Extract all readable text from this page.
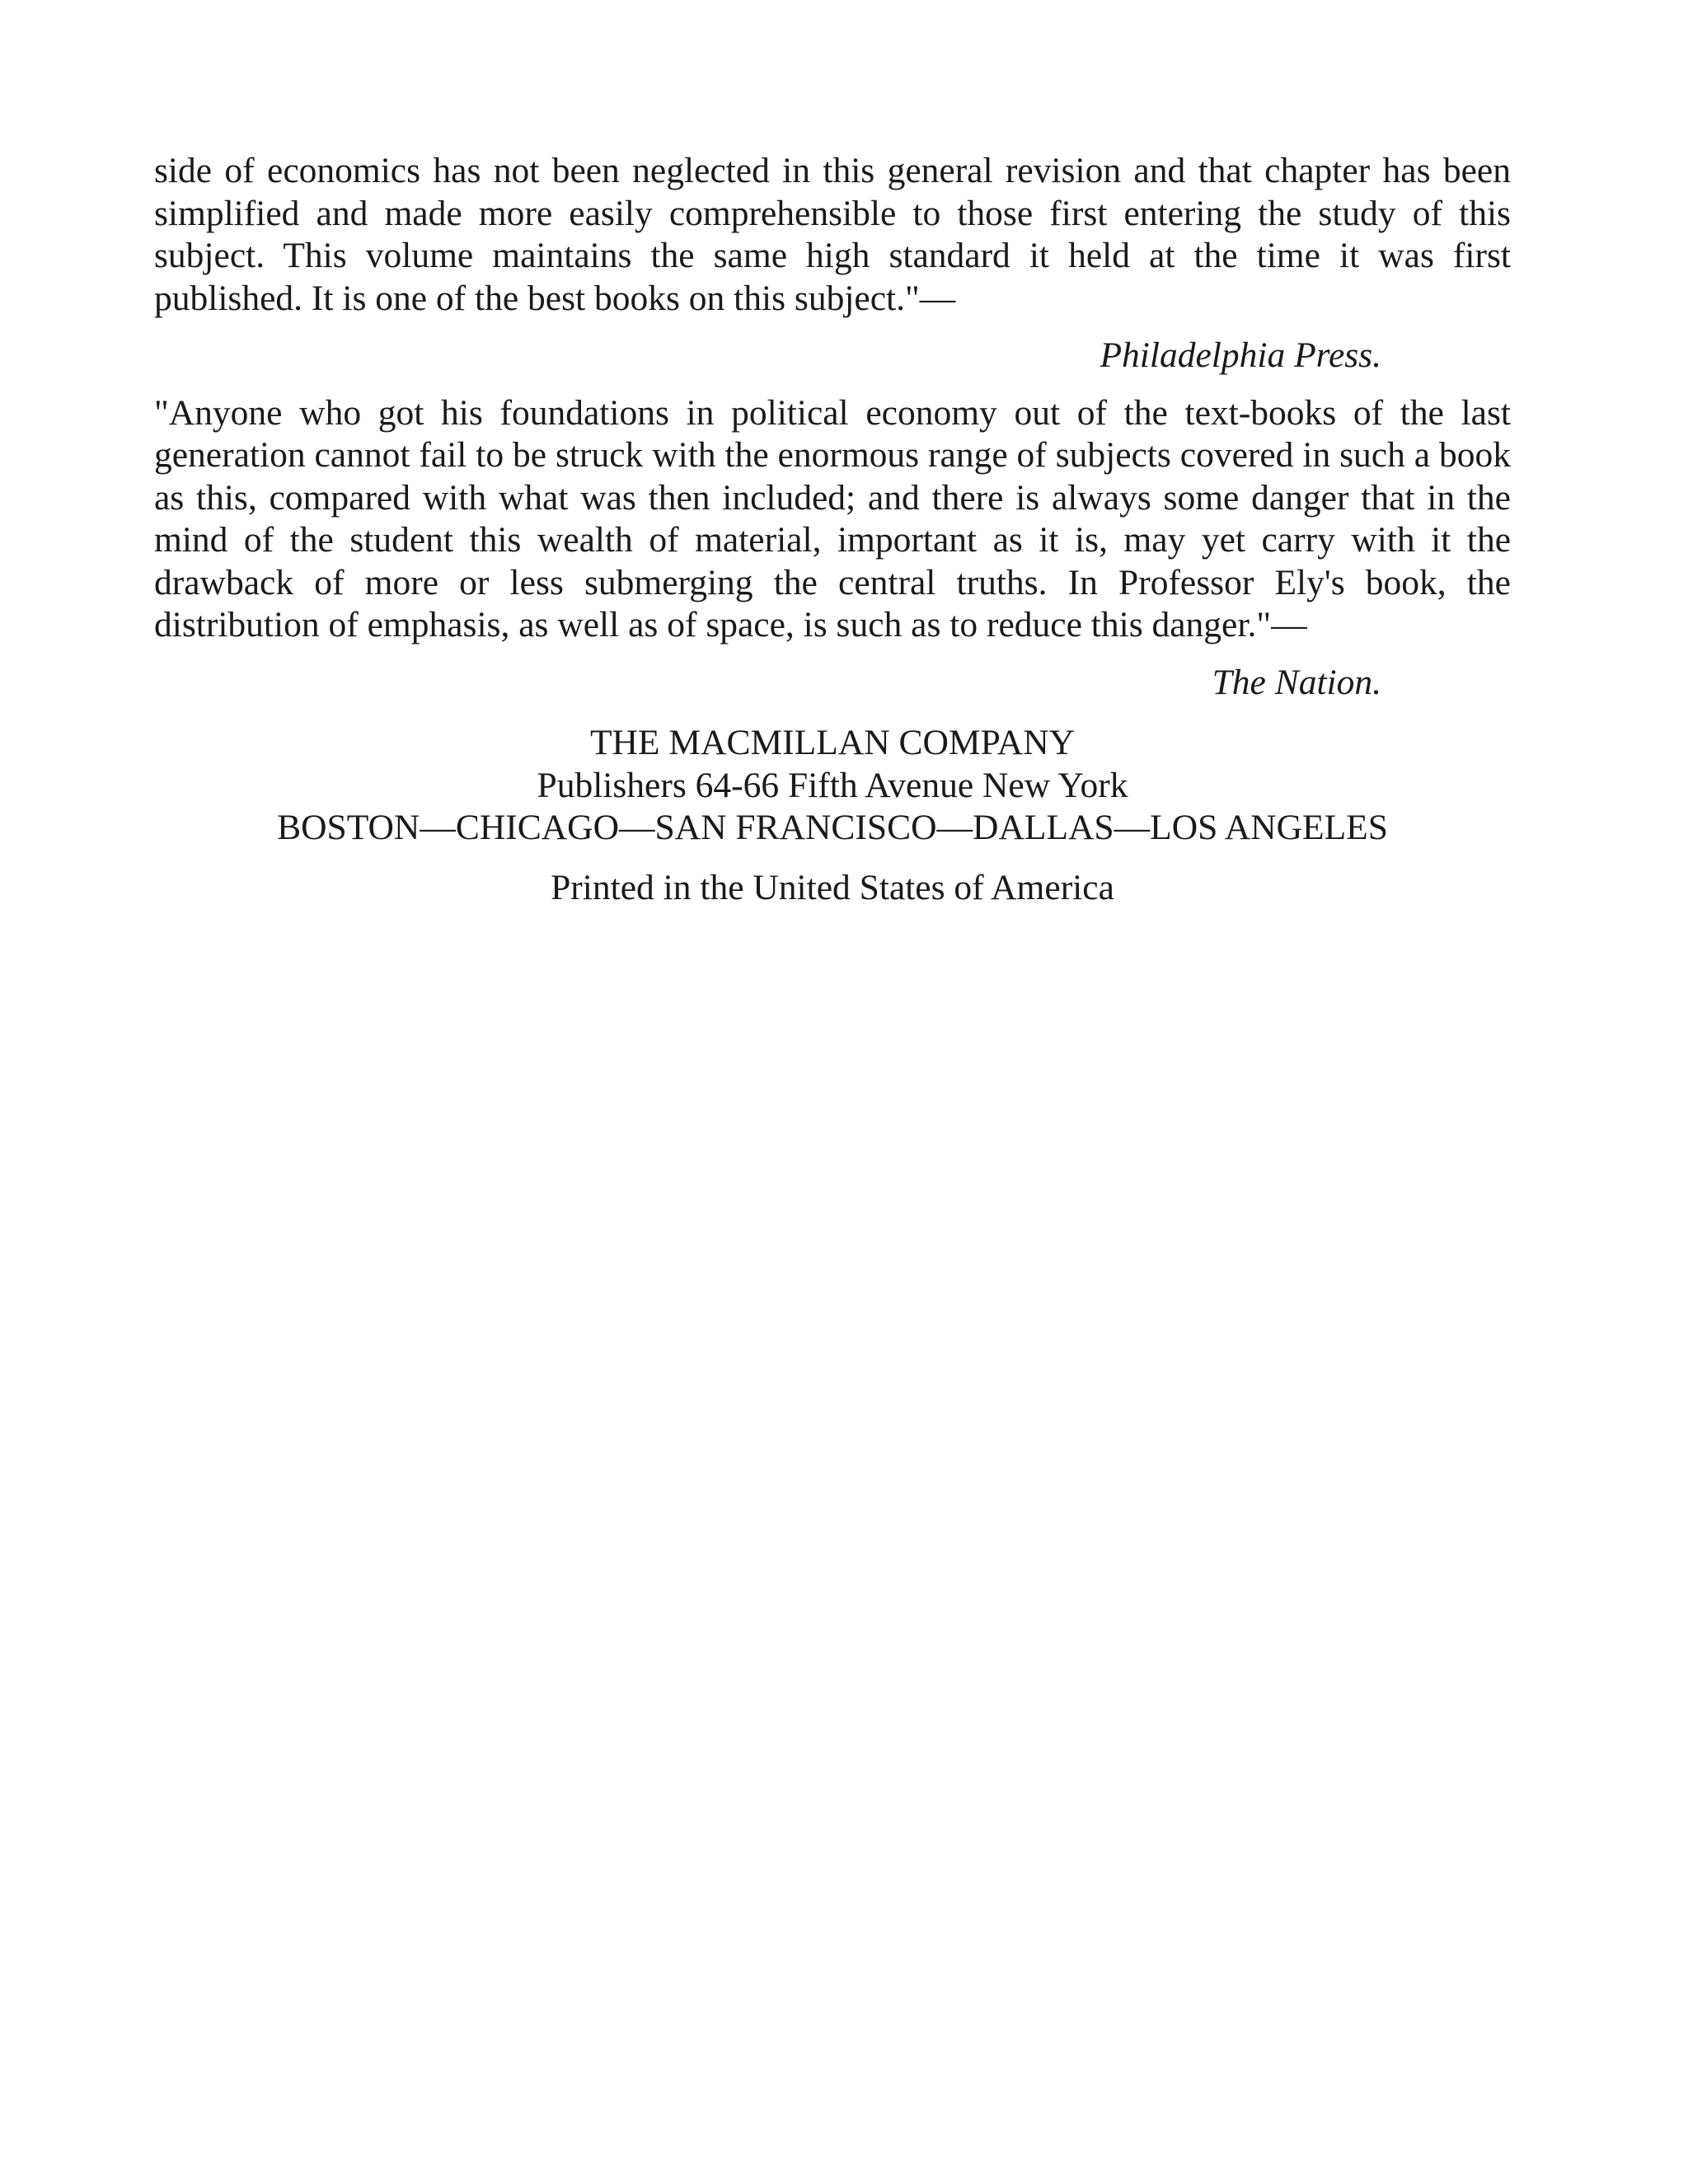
side of economics has not been neglected in this general revision and that chapter has been simplified and made more easily comprehensible to those first entering the study of this subject. This volume maintains the same high standard it held at the time it was first published. It is one of the best books on this subject."—

Philadelphia Press.

"Anyone who got his foundations in political economy out of the text-books of the last generation cannot fail to be struck with the enormous range of subjects covered in such a book as this, compared with what was then included; and there is always some danger that in the mind of the student this wealth of material, important as it is, may yet carry with it the drawback of more or less submerging the central truths. In Professor Ely's book, the distribution of emphasis, as well as of space, is such as to reduce this danger."—

The Nation.

THE MACMILLAN COMPANY
Publishers 64-66 Fifth Avenue New York
BOSTON—CHICAGO—SAN FRANCISCO—DALLAS—LOS ANGELES
Printed in the United States of America
